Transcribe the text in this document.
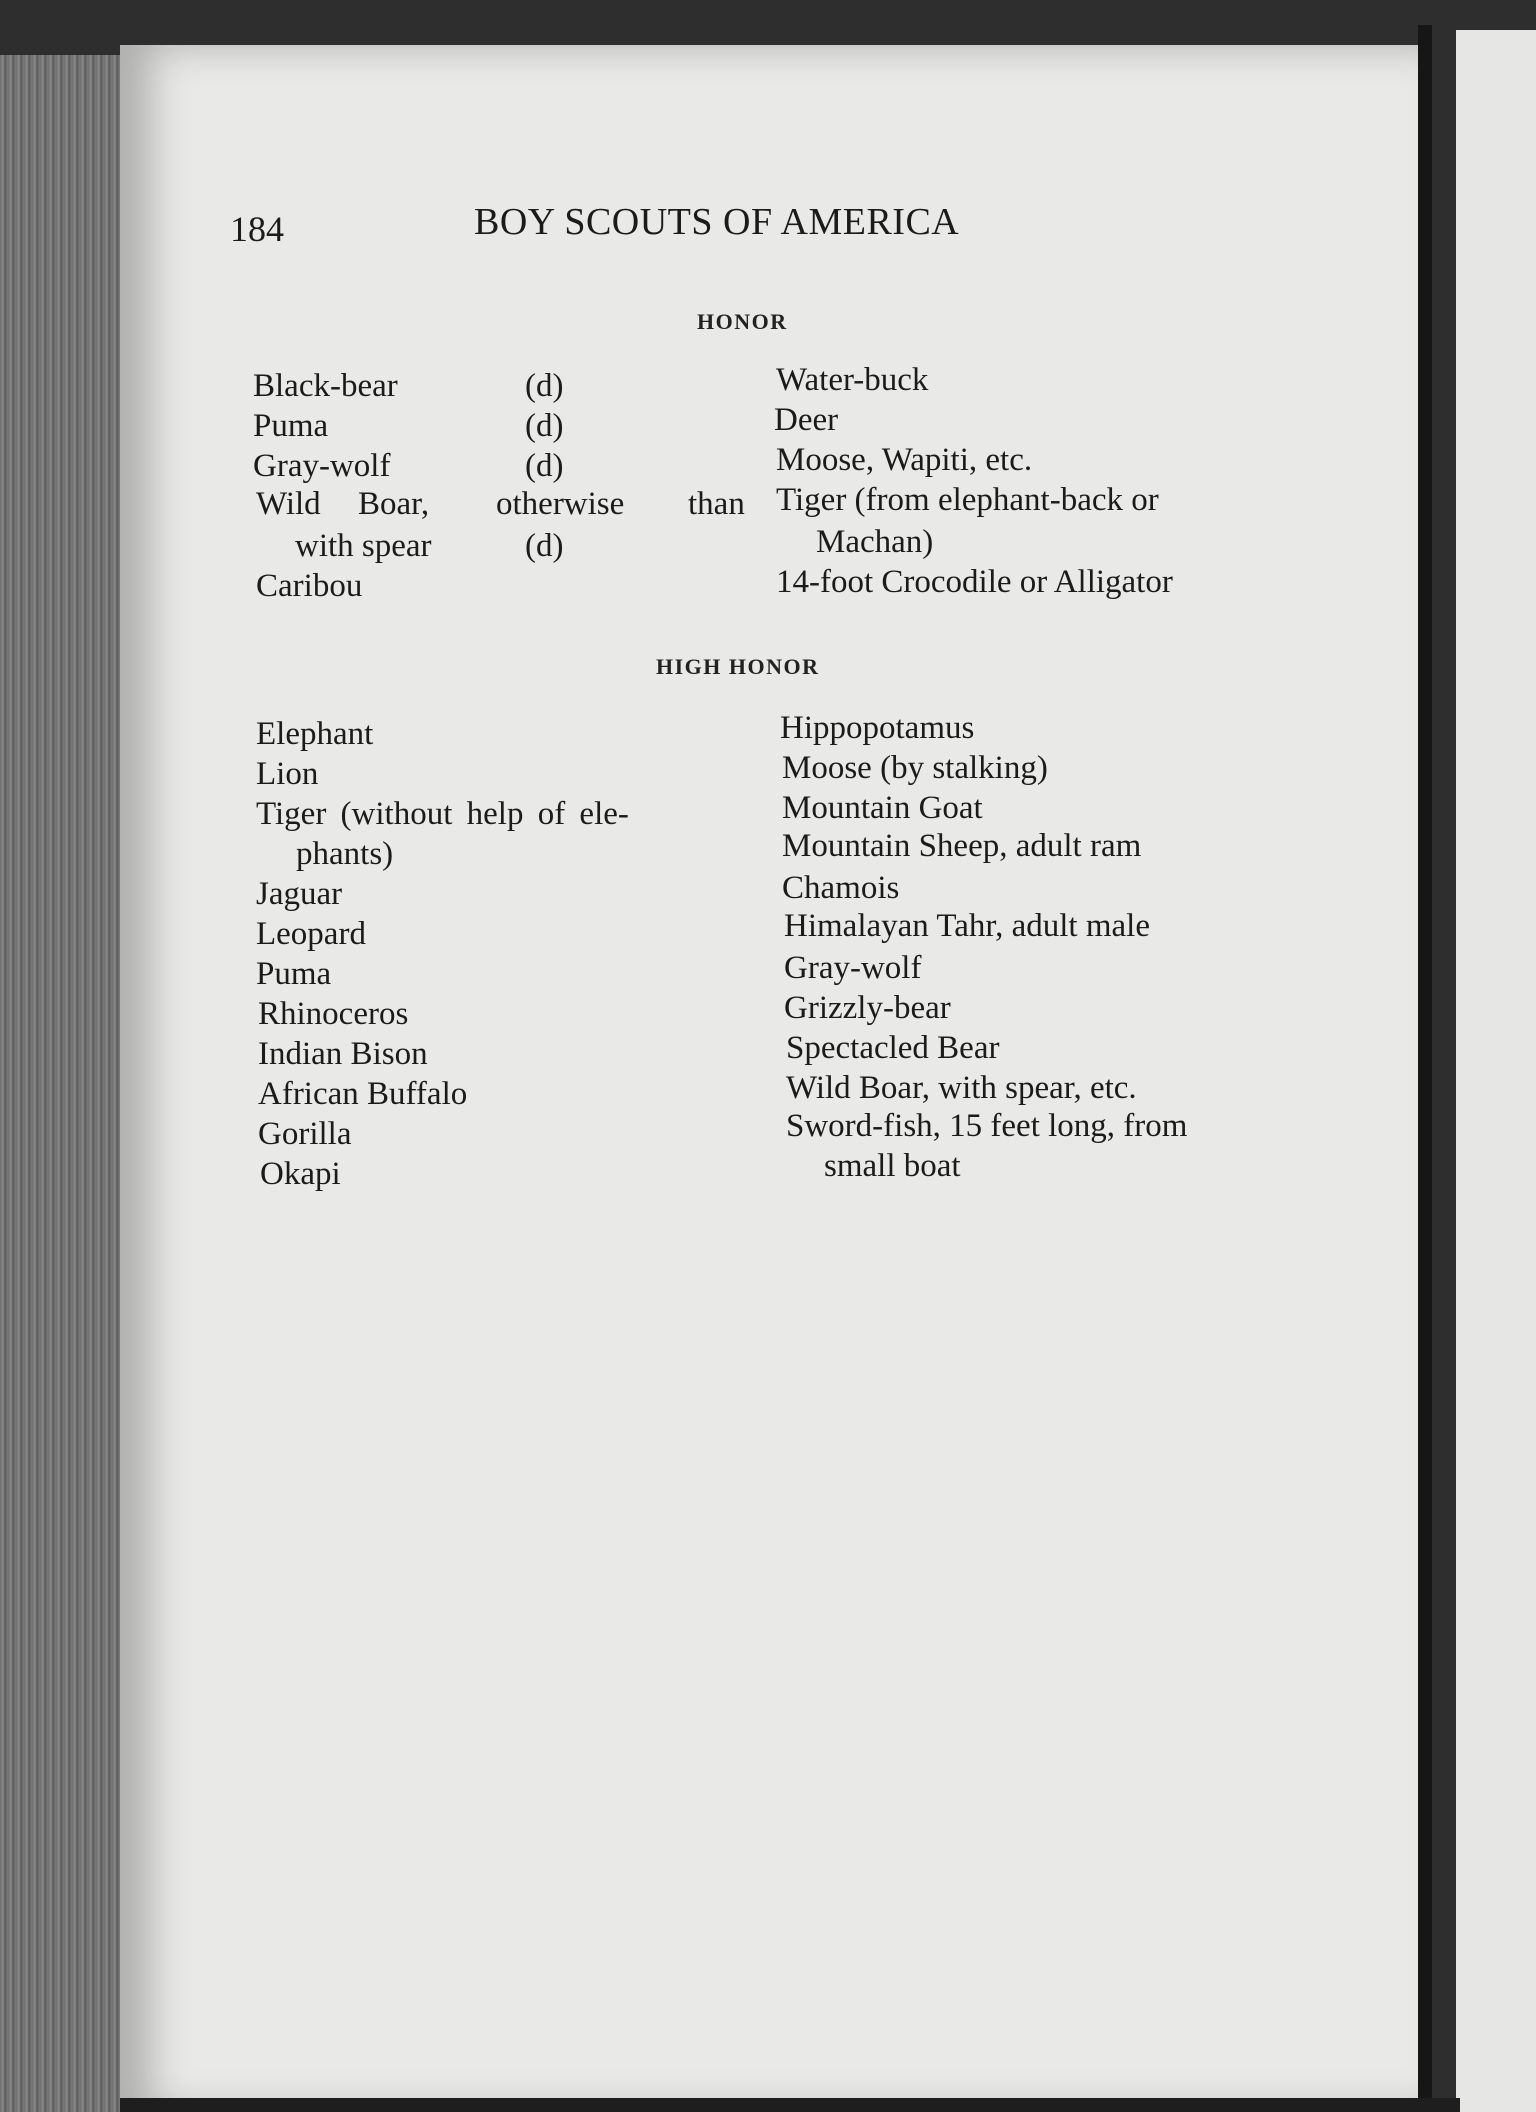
184	BOY SCOUTS OF AMERICA
HONOR
Black-bear	(d)
Puma	(d)
Gray-wolf	(d)
Wild Boar, otherwise than
with spear	(d)
Caribou
Water-buck
Deer
Moose, Wapiti, etc.
Tiger (from elephant-back or
Machan)
14-foot Crocodile or Alligator
HIGH HONOR
Elephant
Lion
Tiger (without help of ele-
phants)
Jaguar
Leopard
Puma
Rhinoceros
Indian Bison
African Buffalo
Gorilla
Okapi
Hippopotamus
Moose (by stalking)
Mountain Goat
Mountain Sheep, adult ram
Chamois
Himalayan Tahr, adult male
Gray-wolf
Grizzly-bear
Spectacled Bear
Wild Boar, with spear, etc.
Sword-fish, 15 feet long, from
small boat
